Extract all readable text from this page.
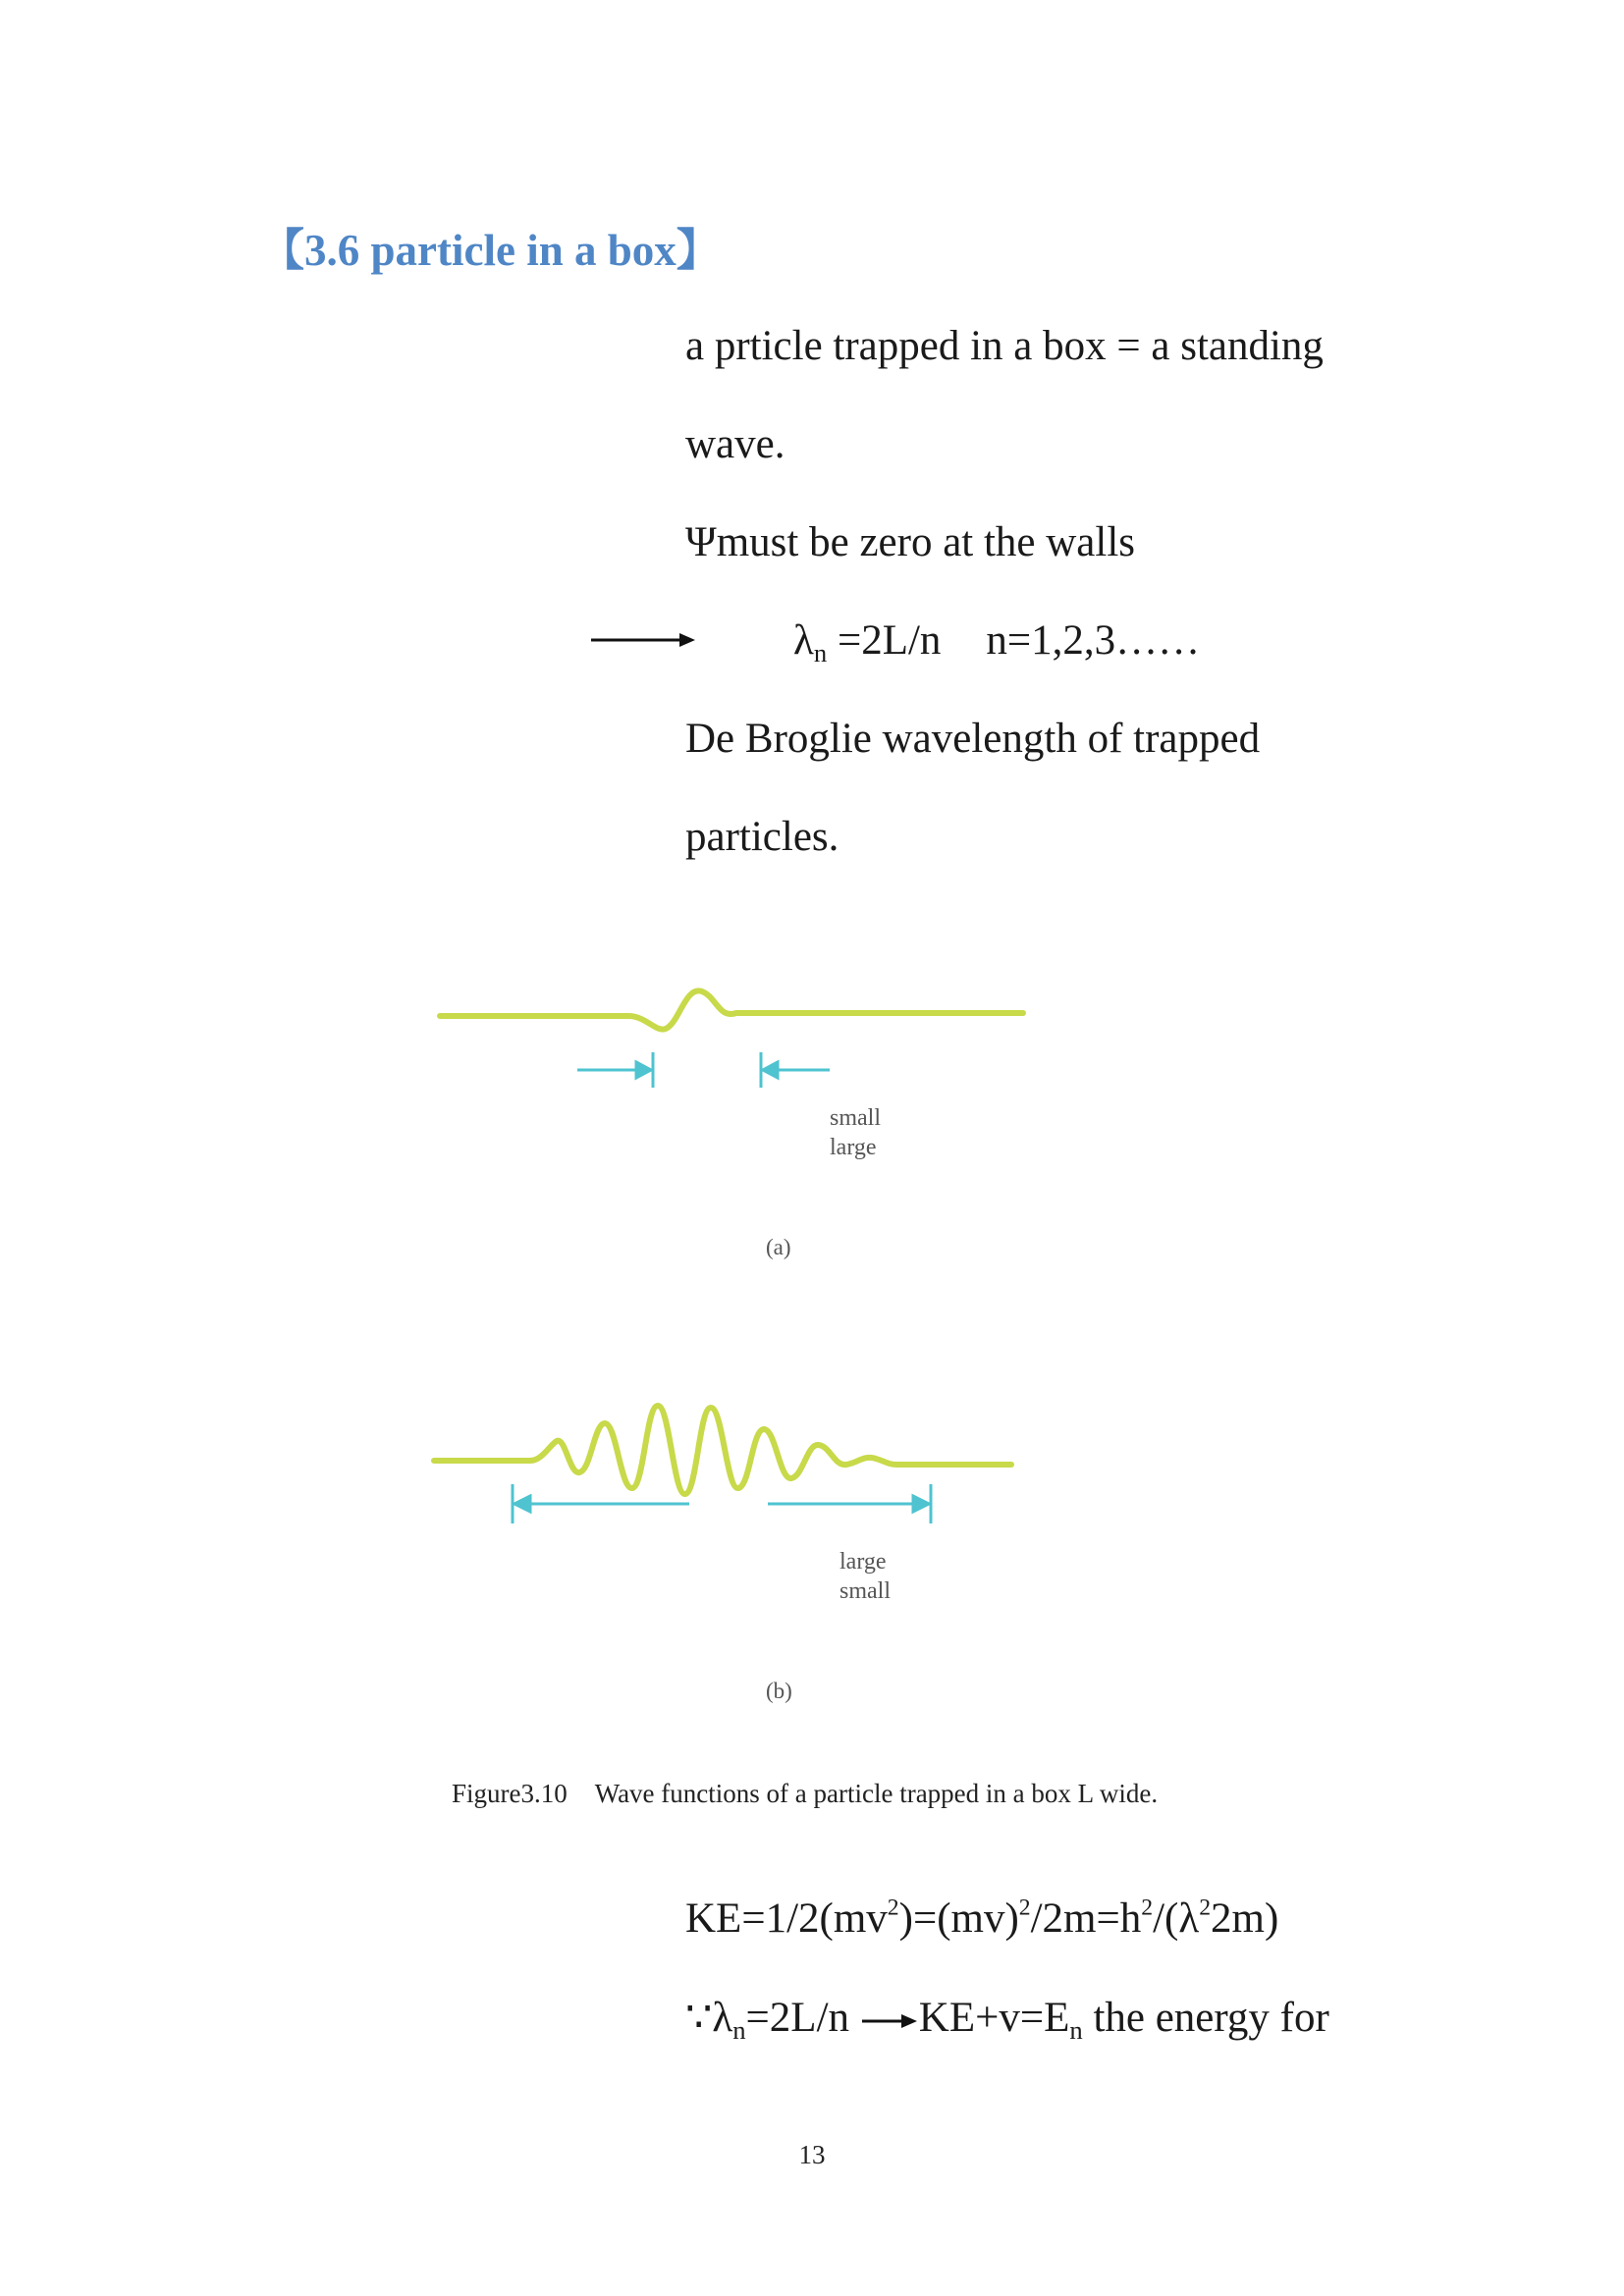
【3.6 particle in a box】
a prticle trapped in a box = a standing
wave.
Ψmust be zero at the walls
$\lambda_n =2L/n$ n=1,2,3……
De Broglie wavelength of trapped
particles.
small
large
(a)
large
small
(b)
Figure3.10 Wave functions of a particle trapped in a box L wide.
$KE=1/2(mv^2)=(mv)^2/2m=h^2/(\lambda^22m)$
$\because\lambda_n=2L/n$ $KE+v=E_n$ the energy for
13
